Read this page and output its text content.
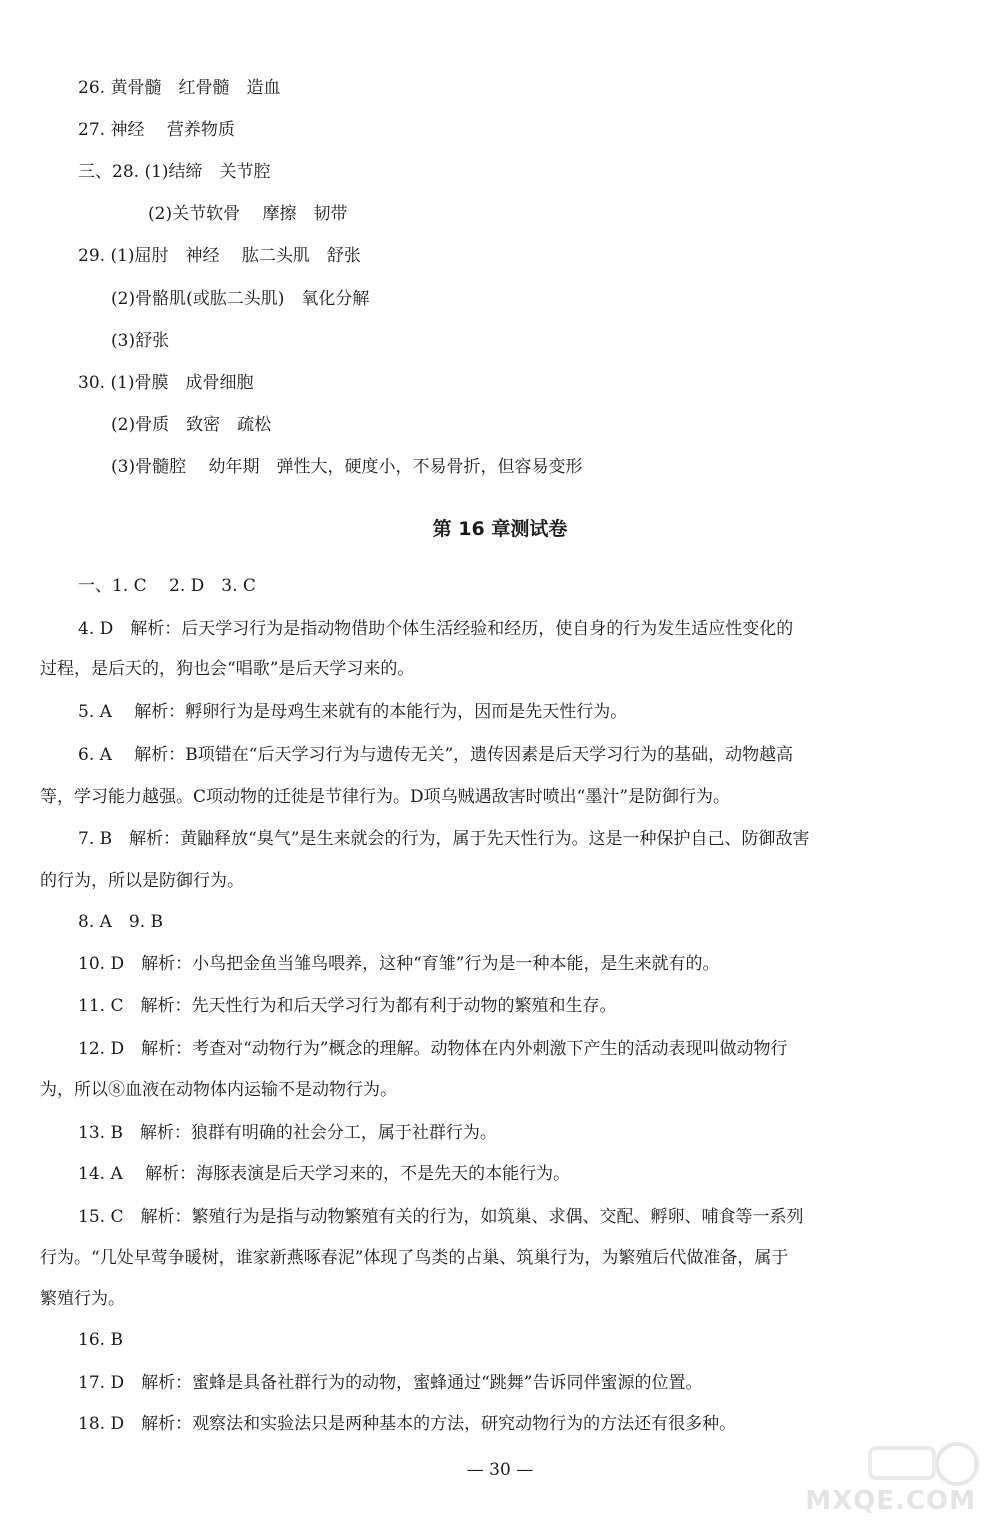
26. 黄骨髓　红骨髓　造血
27. 神经　 营养物质
三、28. (1)结缔　关节腔
(2)关节软骨　 摩擦　韧带
29. (1)屈肘　神经　 肱二头肌　舒张
(2)骨骼肌(或肱二头肌)　氧化分解
(3)舒张
30. (1)骨膜　成骨细胞
(2)骨质　致密　疏松
(3)骨髓腔　 幼年期　弹性大，硬度小，不易骨折，但容易变形
第 16 章测试卷
一、1. C　 2. D　3. C
4. D　解析：后天学习行为是指动物借助个体生活经验和经历，使自身的行为发生适应性变化的
过程，是后天的，狗也会“唱歌”是后天学习来的。
5. A　 解析：孵卵行为是母鸡生来就有的本能行为，因而是先天性行为。
6. A　 解析：B项错在“后天学习行为与遗传无关”，遗传因素是后天学习行为的基础，动物越高
等，学习能力越强。C项动物的迁徙是节律行为。D项乌贼遇敌害时喷出“墨汁”是防御行为。
7. B　解析：黄鼬释放“臭气”是生来就会的行为，属于先天性行为。这是一种保护自己、防御敌害
的行为，所以是防御行为。
8. A　9. B
10. D　解析：小鸟把金鱼当雏鸟喂养，这种“育雏”行为是一种本能，是生来就有的。
11. C　解析：先天性行为和后天学习行为都有利于动物的繁殖和生存。
12. D　解析：考查对“动物行为”概念的理解。动物体在内外刺激下产生的活动表现叫做动物行
为，所以⑧血液在动物体内运输不是动物行为。
13. B　解析：狼群有明确的社会分工，属于社群行为。
14. A　 解析：海豚表演是后天学习来的，不是先天的本能行为。
15. C　解析：繁殖行为是指与动物繁殖有关的行为，如筑巢、求偶、交配、孵卵、哺食等一系列
行为。“几处早莺争暖树，谁家新燕啄春泥”体现了鸟类的占巢、筑巢行为，为繁殖后代做准备，属于
繁殖行为。
16. B
17. D　解析：蜜蜂是具备社群行为的动物，蜜蜂通过“跳舞”告诉同伴蜜源的位置。
18. D　解析：观察法和实验法只是两种基本的方法，研究动物行为的方法还有很多种。
— 30 —
MXQE.COM
